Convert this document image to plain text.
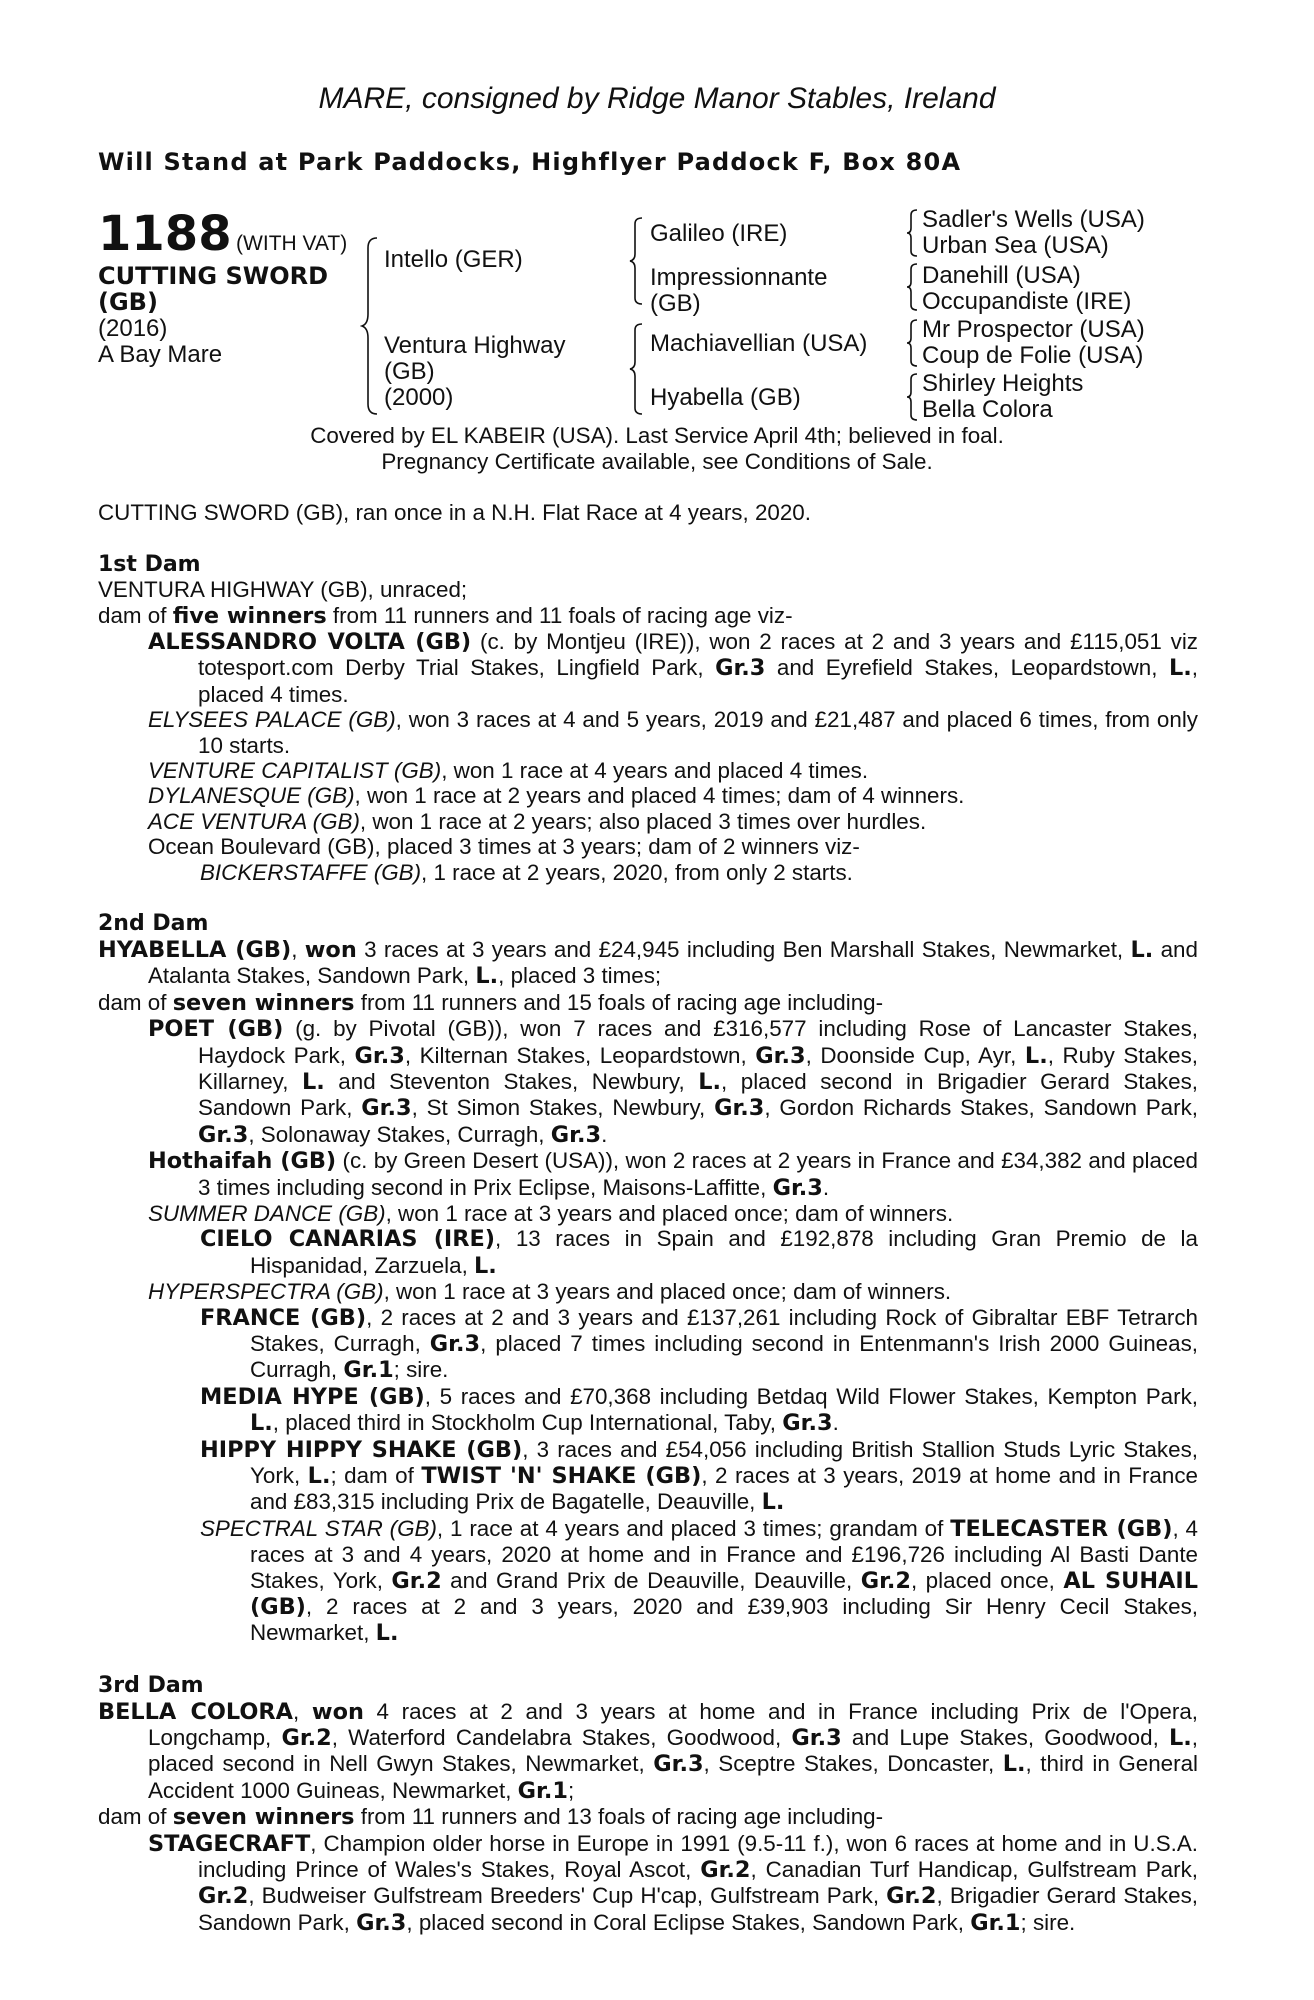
MARE, consigned by Ridge Manor Stables, Ireland
Will Stand at Park Paddocks, Highflyer Paddock F, Box 80A
1188 (WITH VAT)
CUTTING SWORD
(GB)
(2016)
A Bay Mare
Intello (GER)
Ventura Highway
(GB)
(2000)
Galileo (IRE)
Impressionnante
(GB)
Machiavellian (USA)
Hyabella (GB)
Sadler's Wells (USA)
Urban Sea (USA)
Danehill (USA)
Occupandiste (IRE)
Mr Prospector (USA)
Coup de Folie (USA)
Shirley Heights
Bella Colora
Covered by EL KABEIR (USA). Last Service April 4th; believed in foal.
Pregnancy Certificate available, see Conditions of Sale.
CUTTING SWORD (GB), ran once in a N.H. Flat Race at 4 years, 2020.
1st Dam
VENTURA HIGHWAY (GB), unraced;
dam of five winners from 11 runners and 11 foals of racing age viz-
ALESSANDRO VOLTA (GB) (c. by Montjeu (IRE)), won 2 races at 2 and 3 years and £115,051 viz totesport.com Derby Trial Stakes, Lingfield Park, Gr.3 and Eyrefield Stakes, Leopardstown, L., placed 4 times.
ELYSEES PALACE (GB), won 3 races at 4 and 5 years, 2019 and £21,487 and placed 6 times, from only 10 starts.
VENTURE CAPITALIST (GB), won 1 race at 4 years and placed 4 times.
DYLANESQUE (GB), won 1 race at 2 years and placed 4 times; dam of 4 winners.
ACE VENTURA (GB), won 1 race at 2 years; also placed 3 times over hurdles.
Ocean Boulevard (GB), placed 3 times at 3 years; dam of 2 winners viz-
BICKERSTAFFE (GB), 1 race at 2 years, 2020, from only 2 starts.
2nd Dam
HYABELLA (GB), won 3 races at 3 years and £24,945 including Ben Marshall Stakes, Newmarket, L. and Atalanta Stakes, Sandown Park, L., placed 3 times;
dam of seven winners from 11 runners and 15 foals of racing age including-
POET (GB) (g. by Pivotal (GB)), won 7 races and £316,577 including Rose of Lancaster Stakes, Haydock Park, Gr.3, Kilternan Stakes, Leopardstown, Gr.3, Doonside Cup, Ayr, L., Ruby Stakes, Killarney, L. and Steventon Stakes, Newbury, L., placed second in Brigadier Gerard Stakes, Sandown Park, Gr.3, St Simon Stakes, Newbury, Gr.3, Gordon Richards Stakes, Sandown Park, Gr.3, Solonaway Stakes, Curragh, Gr.3.
Hothaifah (GB) (c. by Green Desert (USA)), won 2 races at 2 years in France and £34,382 and placed 3 times including second in Prix Eclipse, Maisons-Laffitte, Gr.3.
SUMMER DANCE (GB), won 1 race at 3 years and placed once; dam of winners.
CIELO CANARIAS (IRE), 13 races in Spain and £192,878 including Gran Premio de la Hispanidad, Zarzuela, L.
HYPERSPECTRA (GB), won 1 race at 3 years and placed once; dam of winners.
FRANCE (GB), 2 races at 2 and 3 years and £137,261 including Rock of Gibraltar EBF Tetrarch Stakes, Curragh, Gr.3, placed 7 times including second in Entenmann's Irish 2000 Guineas, Curragh, Gr.1; sire.
MEDIA HYPE (GB), 5 races and £70,368 including Betdaq Wild Flower Stakes, Kempton Park, L., placed third in Stockholm Cup International, Taby, Gr.3.
HIPPY HIPPY SHAKE (GB), 3 races and £54,056 including British Stallion Studs Lyric Stakes, York, L.; dam of TWIST 'N' SHAKE (GB), 2 races at 3 years, 2019 at home and in France and £83,315 including Prix de Bagatelle, Deauville, L.
SPECTRAL STAR (GB), 1 race at 4 years and placed 3 times; grandam of TELECASTER (GB), 4 races at 3 and 4 years, 2020 at home and in France and £196,726 including Al Basti Dante Stakes, York, Gr.2 and Grand Prix de Deauville, Deauville, Gr.2, placed once, AL SUHAIL (GB), 2 races at 2 and 3 years, 2020 and £39,903 including Sir Henry Cecil Stakes, Newmarket, L.
3rd Dam
BELLA COLORA, won 4 races at 2 and 3 years at home and in France including Prix de l'Opera, Longchamp, Gr.2, Waterford Candelabra Stakes, Goodwood, Gr.3 and Lupe Stakes, Goodwood, L., placed second in Nell Gwyn Stakes, Newmarket, Gr.3, Sceptre Stakes, Doncaster, L., third in General Accident 1000 Guineas, Newmarket, Gr.1;
dam of seven winners from 11 runners and 13 foals of racing age including-
STAGECRAFT, Champion older horse in Europe in 1991 (9.5-11 f.), won 6 races at home and in U.S.A. including Prince of Wales's Stakes, Royal Ascot, Gr.2, Canadian Turf Handicap, Gulfstream Park, Gr.2, Budweiser Gulfstream Breeders' Cup H'cap, Gulfstream Park, Gr.2, Brigadier Gerard Stakes, Sandown Park, Gr.3, placed second in Coral Eclipse Stakes, Sandown Park, Gr.1; sire.
